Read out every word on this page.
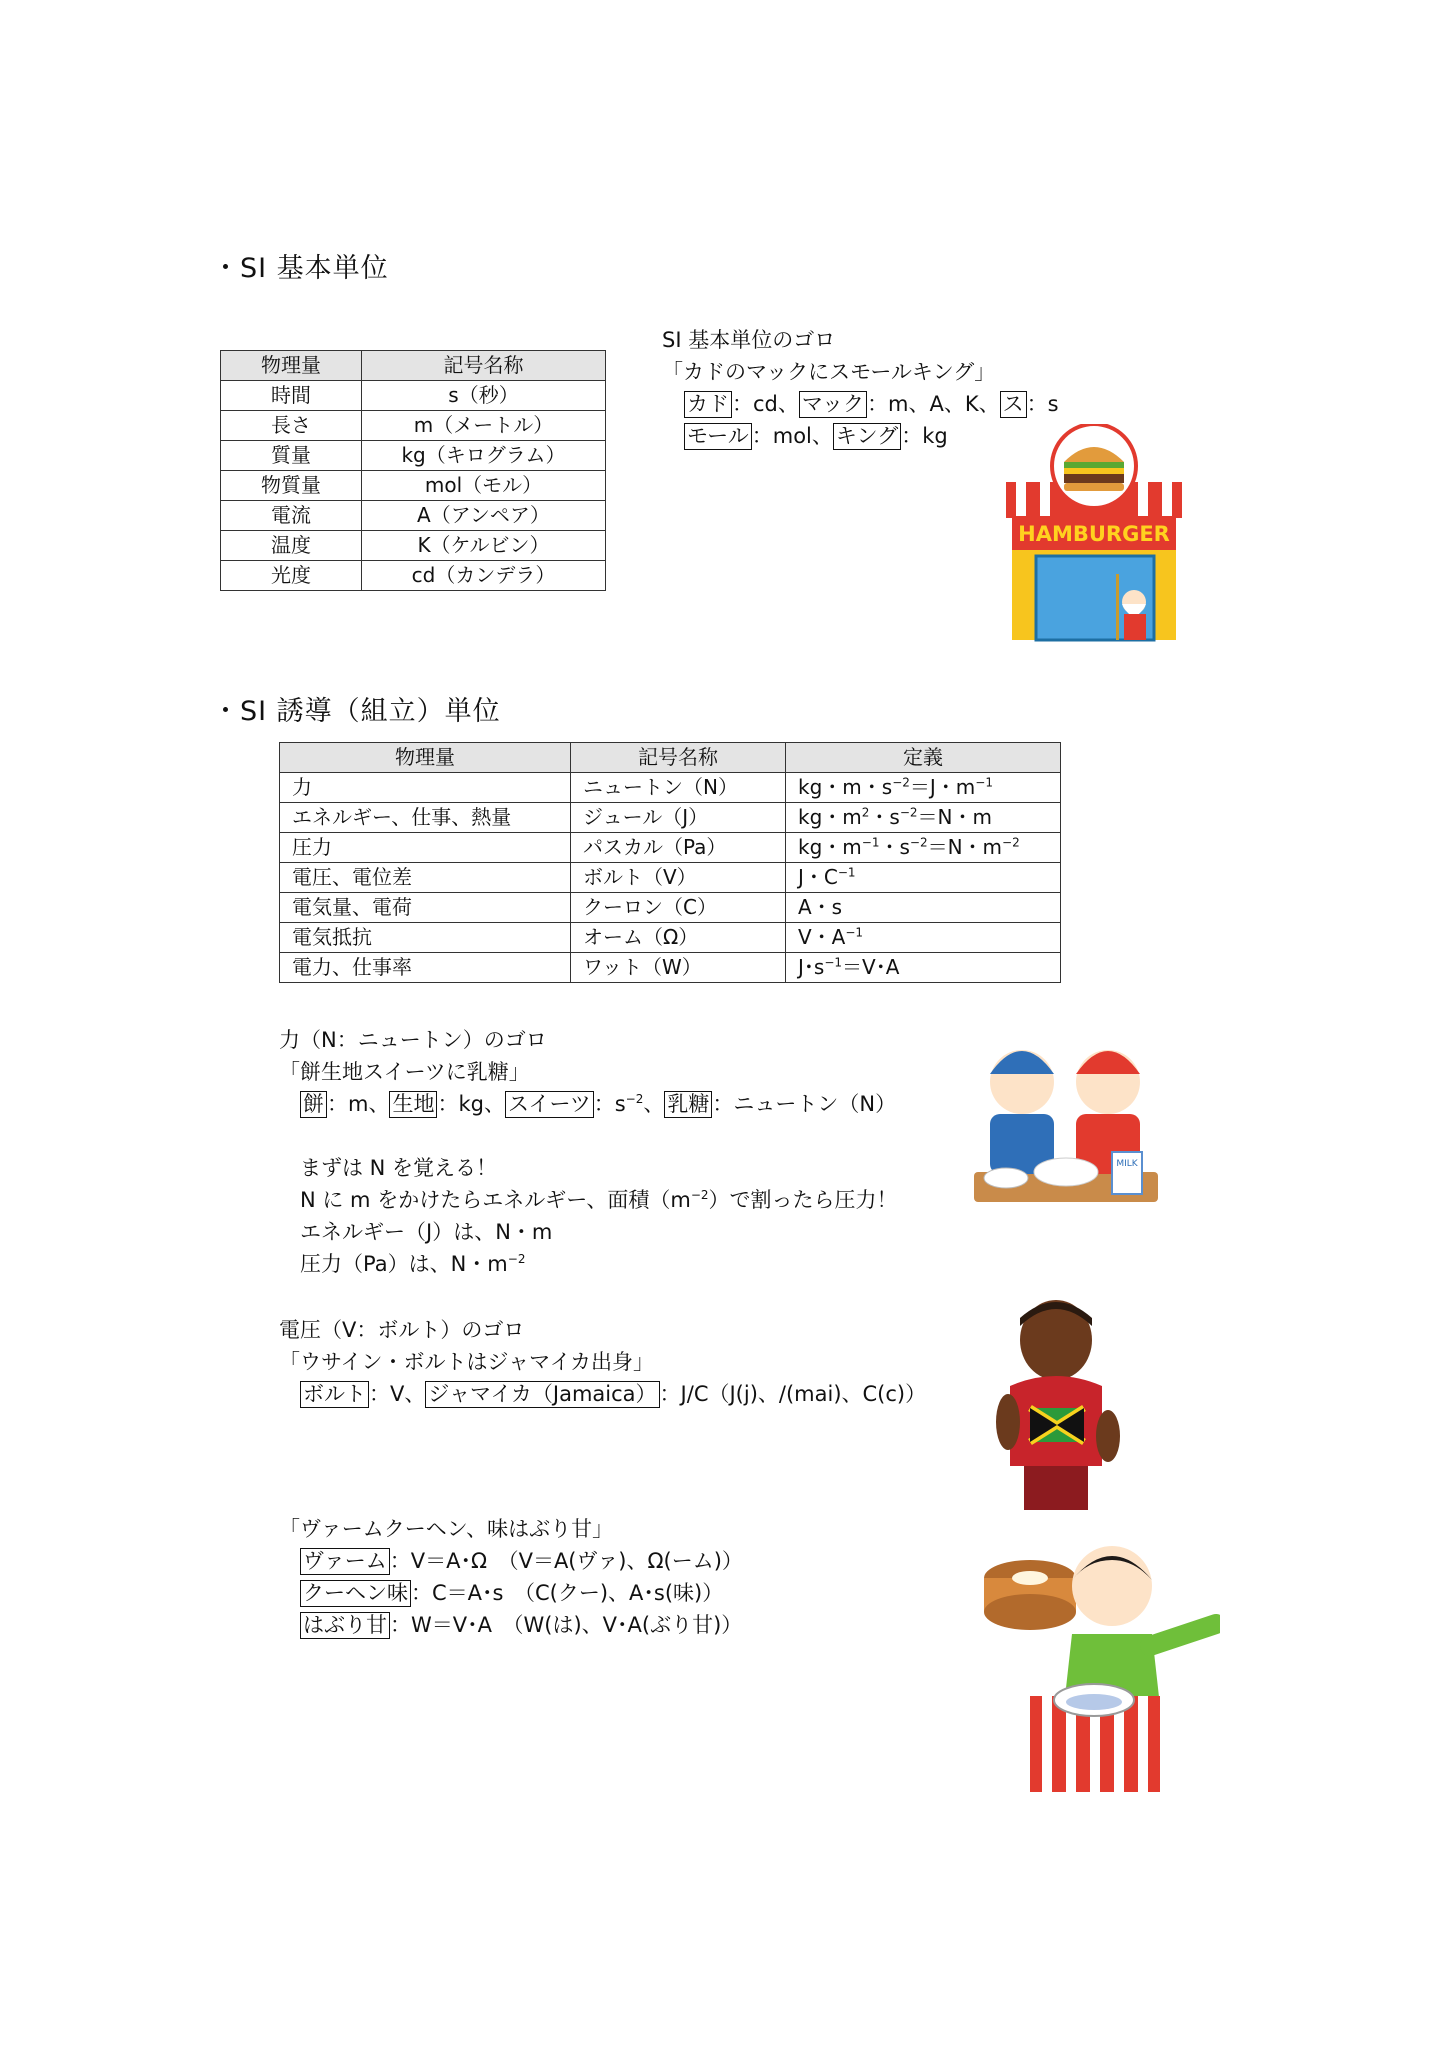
・SI 基本単位
物理量	記号名称
時間	s（秒）
長さ	m（メートル）
質量	kg（キログラム）
物質量	mol（モル）
電流	A（アンペア）
温度	K（ケルビン）
光度	cd（カンデラ）
SI 基本単位のゴロ
「カドのマックにスモールキング」
カド ：cd、 マック ：m、A、K、 ス ：s
モール ：mol、 キング ：kg
HAMBURGER
・SI 誘導（組立）単位
物理量	記号名称	定義
力	ニュートン（N）	kg・m・$s^{-2}=J$・$m^{-1}$
エネルギー、仕事、熱量	ジュール（J）	kg・$m^2$・$s^{-2}=N$・m
圧力	パスカル（Pa）	kg・$m^{-1}$・$s^{-2}=N$・$m^{-2}$
電圧、電位差	ボルト（V）	J・$C^{-1}$
電気量、電荷	クーロン（C）	A・s
電気抵抗	オーム（Ω）	V・$A^{-1}$
電力、仕事率	ワット（W）	J･$s^{-1}=V$･A
力（N：ニュートン）のゴロ
「餅生地スイーツに乳糖」
餅 ：m、 生地 ：kg、 スイーツ ：$s^{-2}$、 乳糖 ：ニュートン（N）
まずは N を覚える！
N に m をかけたらエネルギー、面積$(m^{-2})$で割ったら圧力！
エネルギー（J）は、N・m
圧力（Pa）は、N・$m^{-2}$
MILK
電圧（V：ボルト）のゴロ
「ウサイン・ボルトはジャマイカ出身」
ボルト ：V、 ジャマイカ（Jamaica） ：J/C（J(j)、/(mai)、C(c)）
「ヴァームクーヘン、味はぶり甘」
ヴァーム ：V＝A･Ω　（V＝A(ヴァ)、Ω(ーム)）
クーヘン味 ：C＝A･s　（C(クー)、A･s(味)）
はぶり甘 ：W＝V･A　（W(は)、V･A(ぶり甘)）
